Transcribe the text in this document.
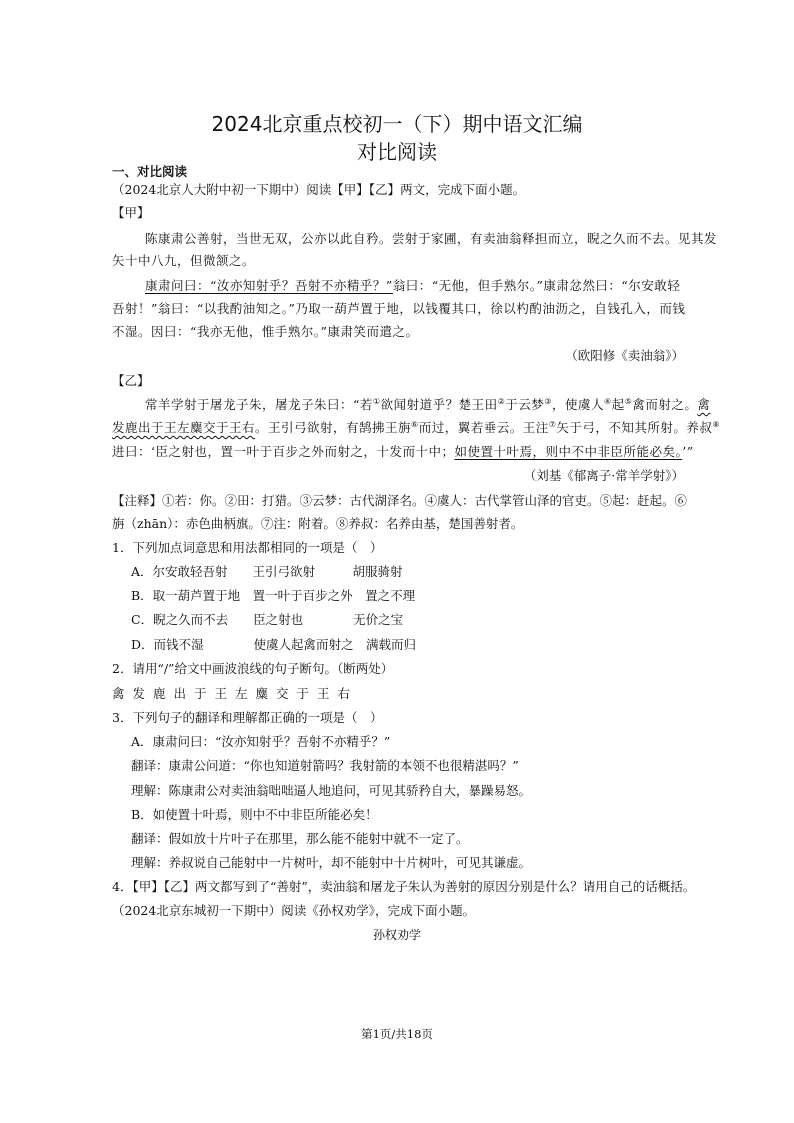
2024北京重点校初一（下）期中语文汇编
对比阅读
一、对比阅读
（2024北京人大附中初一下期中）阅读【甲】【乙】两文，完成下面小题。
【甲】
陈康肃公善射，当世无双，公亦以此自矜。尝射于家圃，有卖油翁释担而立，睨之久而不去。见其发
矢十中八九，但微颔之。
康肃问曰：“汝亦知射乎？吾射不亦精乎？”翁曰：“无他，但手熟尔。”康肃忿然曰：“尔安敢轻
吾射！”翁曰：“以我酌油知之。”乃取一葫芦置于地，以钱覆其口，徐以杓酌油沥之，自钱孔入，而钱
不湿。因曰：“我亦无他，惟手熟尔。”康肃笑而遣之。
（欧阳修《卖油翁》）
【乙】
常羊学射于屠龙子朱，屠龙子朱曰：“若①欲闻射道乎？楚王田②于云梦③，使虞人④起⑤禽而射之。禽
发鹿出于王左麋交于王右。王引弓欲射，有鹄拂王旃⑥而过，翼若垂云。王注⑦矢于弓，不知其所射。养叔⑧
进曰：‘臣之射也，置一叶于百步之外而射之，十发而十中；如使置十叶焉，则中不中非臣所能必矣。’”
（刘基《郁离子·常羊学射》）
【注释】①若：你。②田：打猎。③云梦：古代湖泽名。④虞人：古代掌管山泽的官吏。⑤起：赶起。⑥
旃（zhān）：赤色曲柄旗。⑦注：附着。⑧养叔：名养由基，楚国善射者。
1．下列加点词意思和用法都相同的一项是（　）
A．尔安敢轻吾射　　王引弓欲射　　　胡服骑射
B．取一葫芦置于地　置一叶于百步之外　置之不理
C．睨之久而不去　　臣之射也　　　　无价之宝
D．而钱不湿　　　　使虞人起禽而射之　满载而归
2．请用“/”给文中画波浪线的句子断句。（断两处）
禽发鹿出于王左麋交于王右
3．下列句子的翻译和理解都正确的一项是（　）
A．康肃问曰：“汝亦知射乎？吾射不亦精乎？”
翻译：康肃公问道：“你也知道射箭吗？我射箭的本领不也很精湛吗？”
理解：陈康肃公对卖油翁咄咄逼人地追问，可见其骄矜自大，暴躁易怒。
B．如使置十叶焉，则中不中非臣所能必矣！
翻译：假如放十片叶子在那里，那么能不能射中就不一定了。
理解：养叔说自己能射中一片树叶，却不能射中十片树叶，可见其谦虚。
4．【甲】【乙】两文都写到了“善射”，卖油翁和屠龙子朱认为善射的原因分别是什么？请用自己的话概括。
（2024北京东城初一下期中）阅读《孙权劝学》，完成下面小题。
孙权劝学
第1页/共18页
